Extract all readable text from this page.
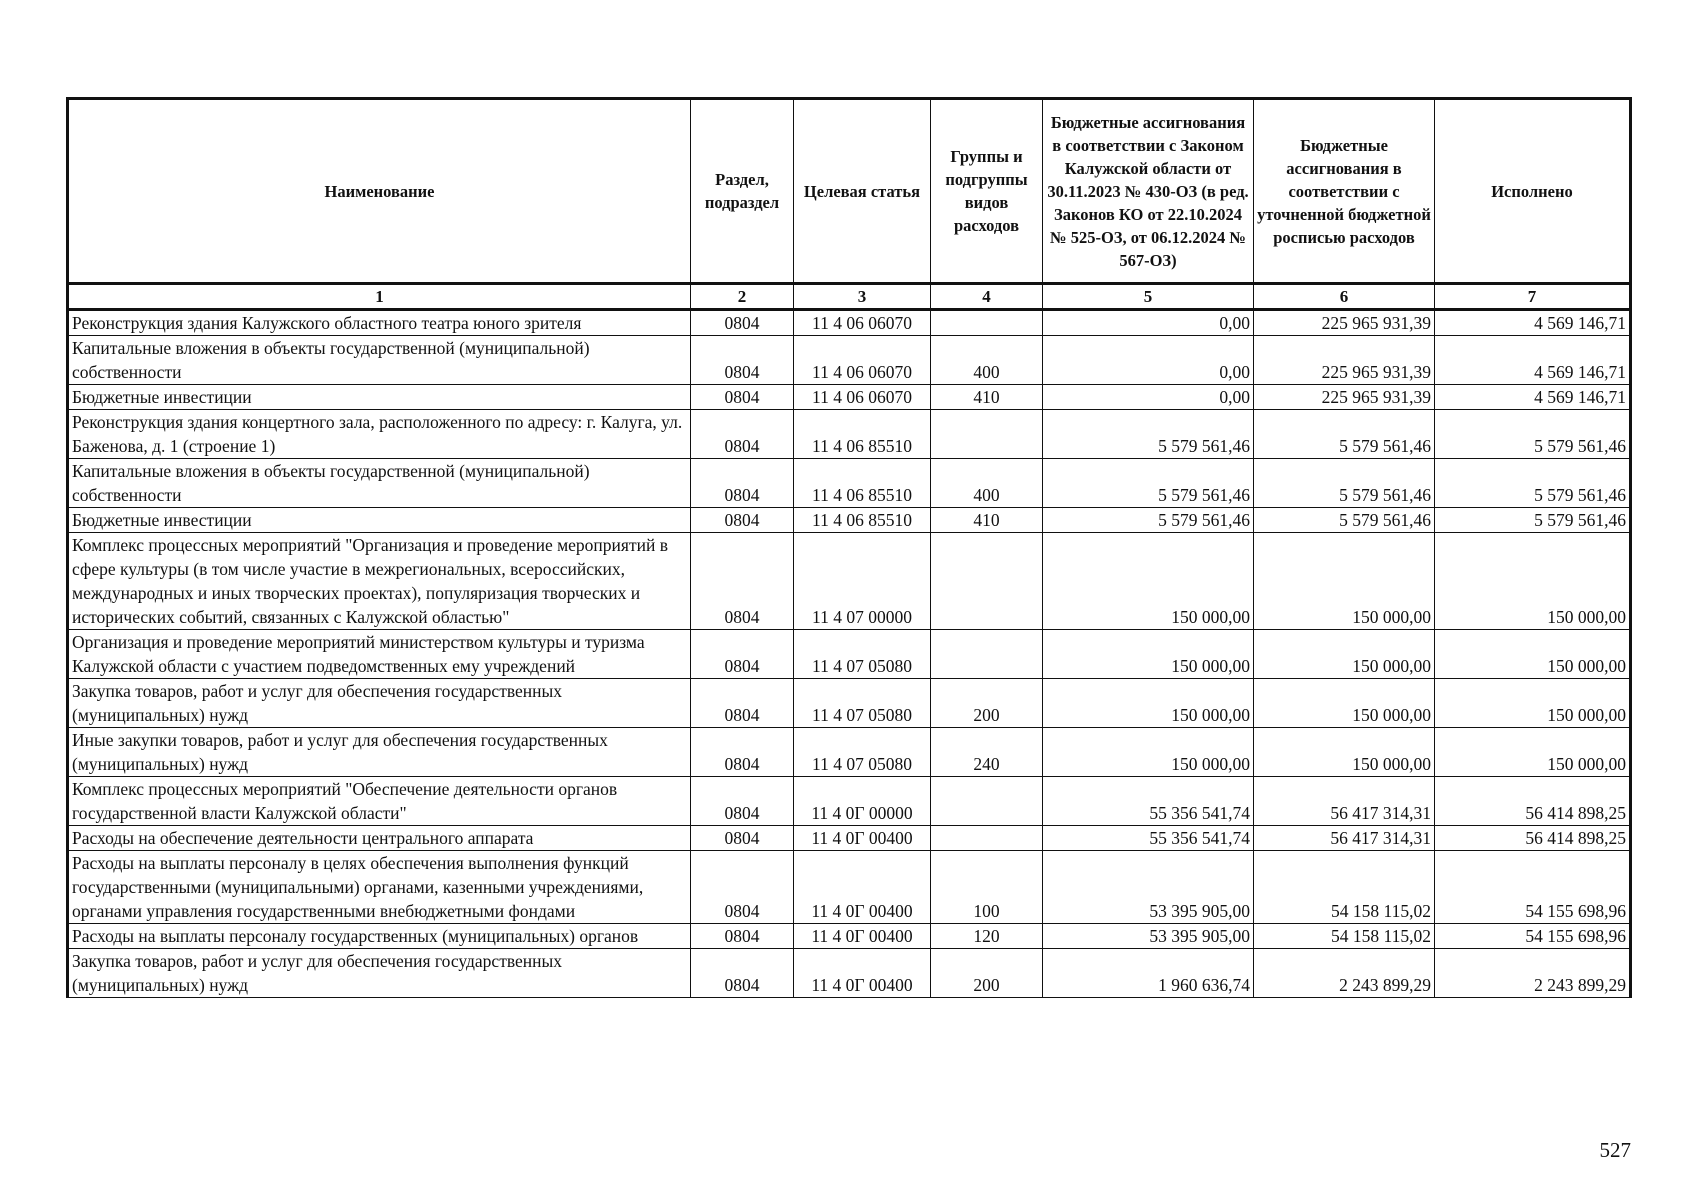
Наименование	Раздел, подраздел	Целевая статья	Группы и подгруппы видов расходов	Бюджетные ассигнования в соответствии с Законом Калужской области от 30.11.2023 № 430-ОЗ (в ред. Законов КО от 22.10.2024 № 525-ОЗ, от 06.12.2024 № 567-ОЗ)	Бюджетные ассигнования в соответствии с уточненной бюджетной росписью расходов	Исполнено
1	2	3	4	5	6	7
Реконструкция здания Калужского областного театра юного зрителя	0804	11 4 06 06070		0,00	225 965 931,39	4 569 146,71
Капитальные вложения в объекты государственной (муниципальной) собственности	0804	11 4 06 06070	400	0,00	225 965 931,39	4 569 146,71
Бюджетные инвестиции	0804	11 4 06 06070	410	0,00	225 965 931,39	4 569 146,71
Реконструкция здания концертного зала, расположенного по адресу: г. Калуга, ул. Баженова, д. 1 (строение 1)	0804	11 4 06 85510		5 579 561,46	5 579 561,46	5 579 561,46
Капитальные вложения в объекты государственной (муниципальной) собственности	0804	11 4 06 85510	400	5 579 561,46	5 579 561,46	5 579 561,46
Бюджетные инвестиции	0804	11 4 06 85510	410	5 579 561,46	5 579 561,46	5 579 561,46
Комплекс процессных мероприятий "Организация и проведение мероприятий в сфере культуры (в том числе участие в межрегиональных, всероссийских, международных и иных творческих проектах), популяризация творческих и исторических событий, связанных с Калужской областью"	0804	11 4 07 00000		150 000,00	150 000,00	150 000,00
Организация и проведение мероприятий министерством культуры и туризма Калужской области с участием подведомственных ему учреждений	0804	11 4 07 05080		150 000,00	150 000,00	150 000,00
Закупка товаров, работ и услуг для обеспечения государственных (муниципальных) нужд	0804	11 4 07 05080	200	150 000,00	150 000,00	150 000,00
Иные закупки товаров, работ и услуг для обеспечения государственных (муниципальных) нужд	0804	11 4 07 05080	240	150 000,00	150 000,00	150 000,00
Комплекс процессных мероприятий "Обеспечение деятельности органов государственной власти Калужской области"	0804	11 4 0Г 00000		55 356 541,74	56 417 314,31	56 414 898,25
Расходы на обеспечение деятельности центрального аппарата	0804	11 4 0Г 00400		55 356 541,74	56 417 314,31	56 414 898,25
Расходы на выплаты персоналу в целях обеспечения выполнения функций государственными (муниципальными) органами, казенными учреждениями, органами управления государственными внебюджетными фондами	0804	11 4 0Г 00400	100	53 395 905,00	54 158 115,02	54 155 698,96
Расходы на выплаты персоналу государственных (муниципальных) органов	0804	11 4 0Г 00400	120	53 395 905,00	54 158 115,02	54 155 698,96
Закупка товаров, работ и услуг для обеспечения государственных (муниципальных) нужд	0804	11 4 0Г 00400	200	1 960 636,74	2 243 899,29	2 243 899,29
527
